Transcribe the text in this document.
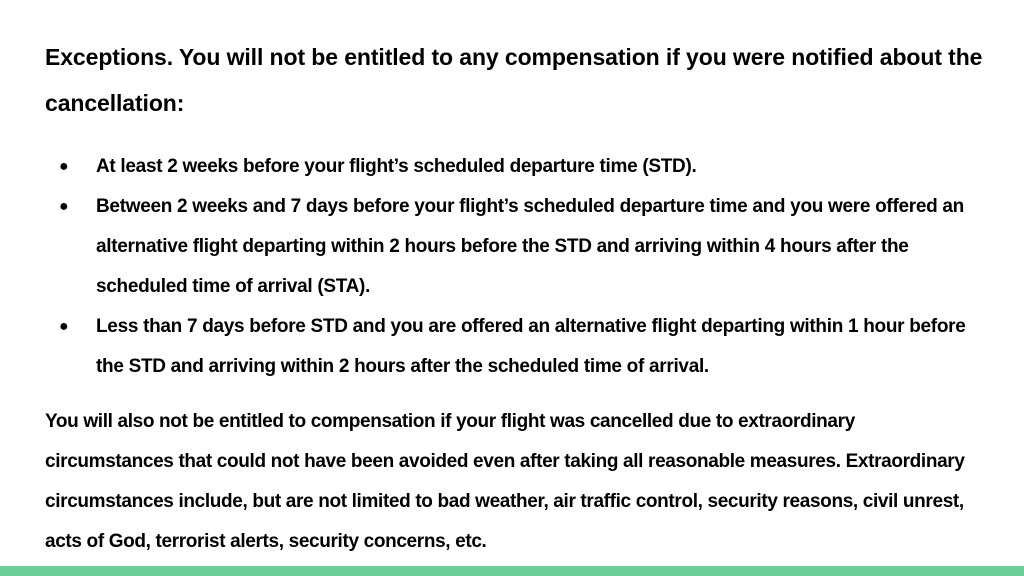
Exceptions. You will not be entitled to any compensation if you were notified about the cancellation:

● At least 2 weeks before your flight’s scheduled departure time (STD).
● Between 2 weeks and 7 days before your flight’s scheduled departure time and you were offered an alternative flight departing within 2 hours before the STD and arriving within 4 hours after the scheduled time of arrival (STA).
● Less than 7 days before STD and you are offered an alternative flight departing within 1 hour before the STD and arriving within 2 hours after the scheduled time of arrival.

You will also not be entitled to compensation if your flight was cancelled due to extraordinary circumstances that could not have been avoided even after taking all reasonable measures. Extraordinary circumstances include, but are not limited to bad weather, air traffic control, security reasons, civil unrest, acts of God, terrorist alerts, security concerns, etc.
